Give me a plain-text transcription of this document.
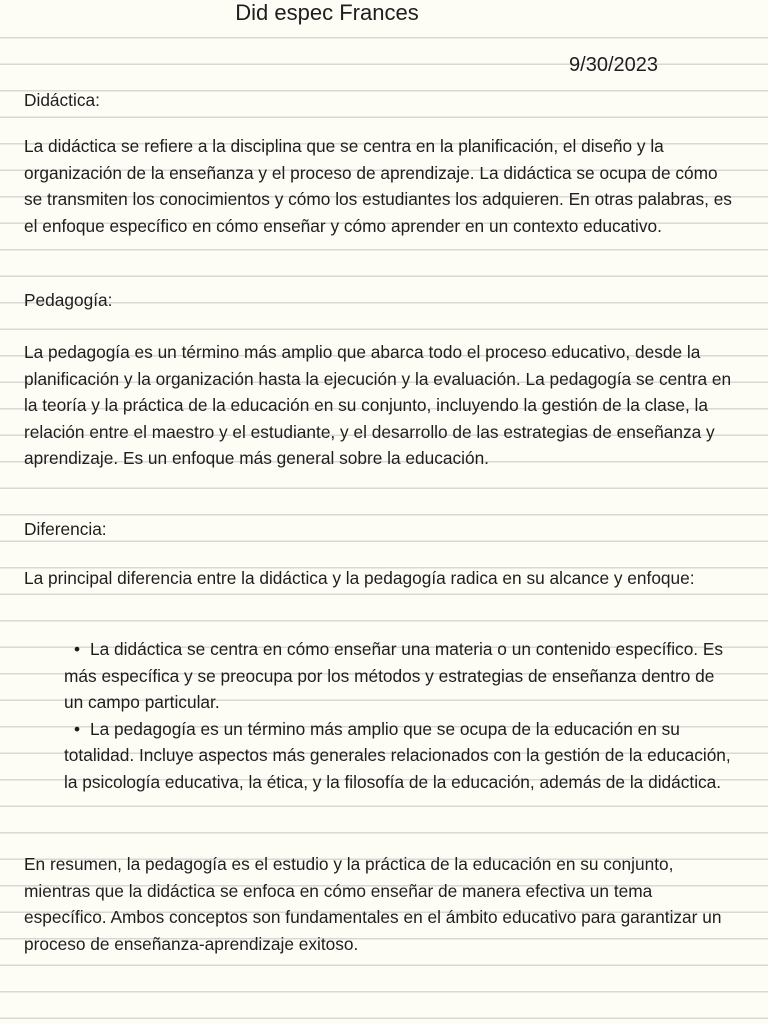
Did espec Frances
9/30/2023

Didáctica:

La didáctica se refiere a la disciplina que se centra en la planificación, el diseño y la organización de la enseñanza y el proceso de aprendizaje. La didáctica se ocupa de cómo se transmiten los conocimientos y cómo los estudiantes los adquieren. En otras palabras, es el enfoque específico en cómo enseñar y cómo aprender en un contexto educativo.

Pedagogía:

La pedagogía es un término más amplio que abarca todo el proceso educativo, desde la planificación y la organización hasta la ejecución y la evaluación. La pedagogía se centra en la teoría y la práctica de la educación en su conjunto, incluyendo la gestión de la clase, la relación entre el maestro y el estudiante, y el desarrollo de las estrategias de enseñanza y aprendizaje. Es un enfoque más general sobre la educación.

Diferencia:

La principal diferencia entre la didáctica y la pedagogía radica en su alcance y enfoque:

• La didáctica se centra en cómo enseñar una materia o un contenido específico. Es más específica y se preocupa por los métodos y estrategias de enseñanza dentro de un campo particular.
• La pedagogía es un término más amplio que se ocupa de la educación en su totalidad. Incluye aspectos más generales relacionados con la gestión de la educación, la psicología educativa, la ética, y la filosofía de la educación, además de la didáctica.

En resumen, la pedagogía es el estudio y la práctica de la educación en su conjunto, mientras que la didáctica se enfoca en cómo enseñar de manera efectiva un tema específico. Ambos conceptos son fundamentales en el ámbito educativo para garantizar un proceso de enseñanza-aprendizaje exitoso.
